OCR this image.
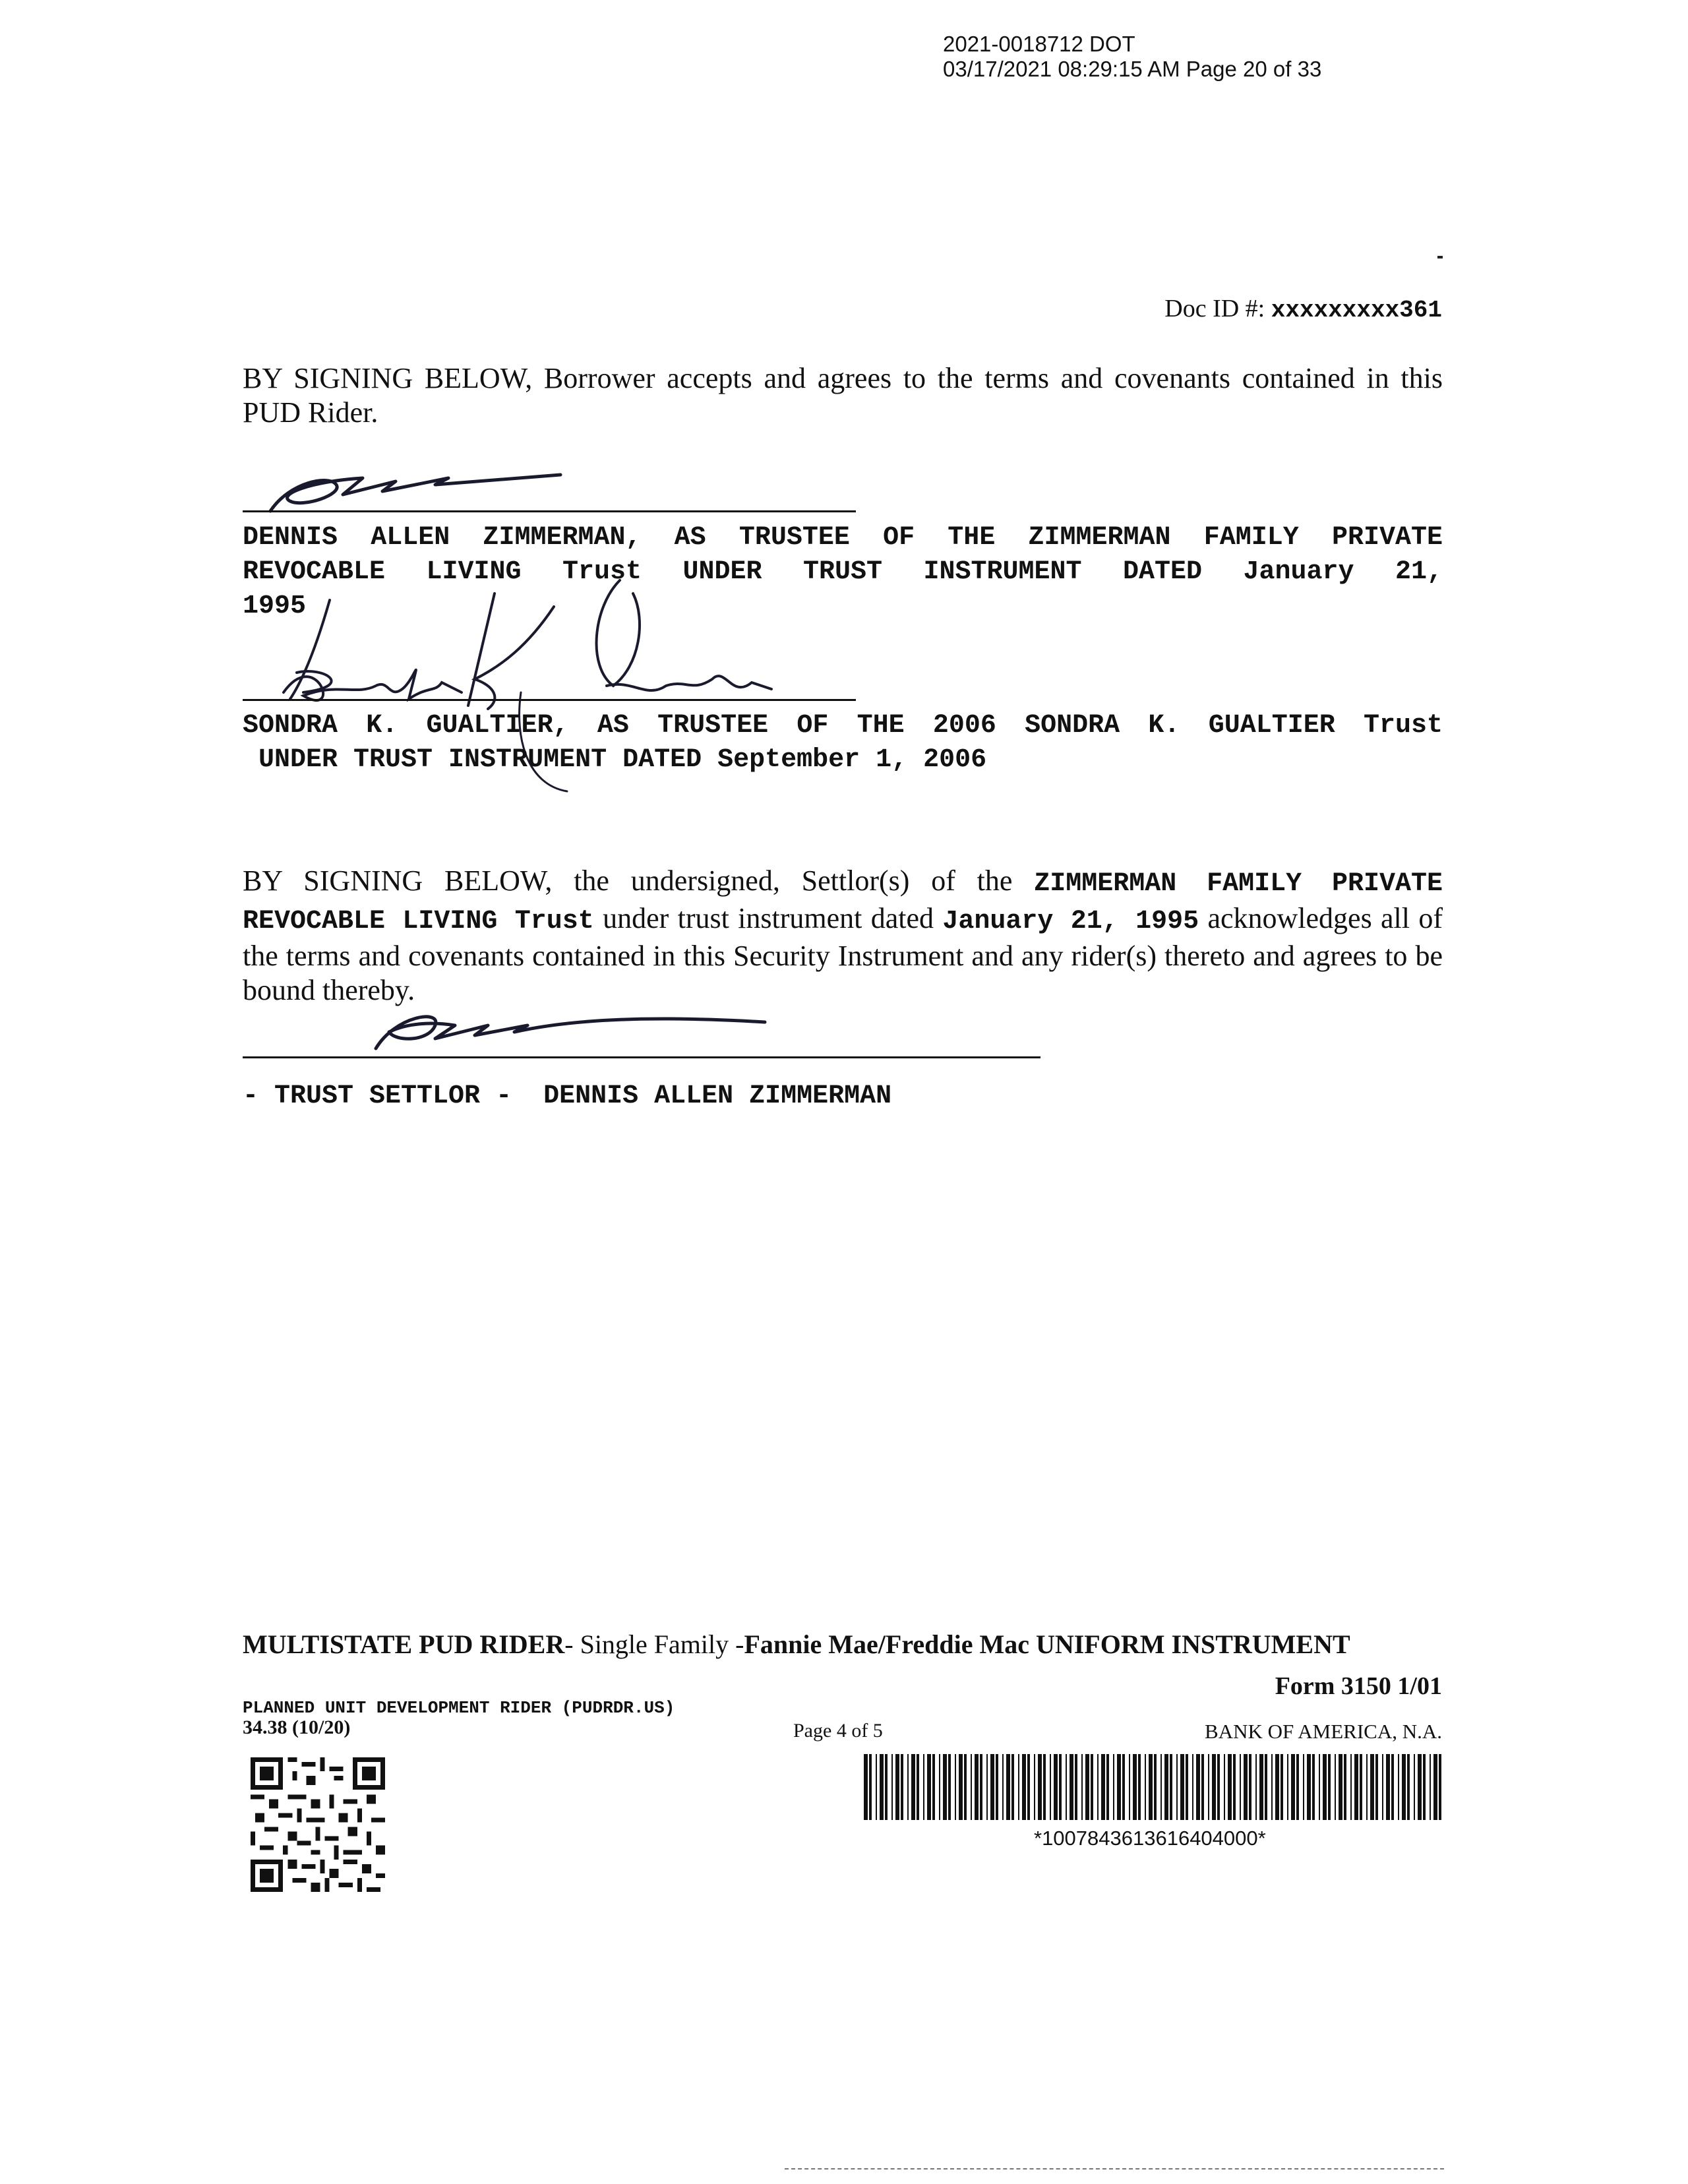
2021-0018712 DOT
03/17/2021 08:29:15 AM Page 20 of 33
Doc ID #: xxxxxxxxx361
BY SIGNING BELOW, Borrower accepts and agrees to the terms and covenants contained in this PUD Rider.
DENNIS ALLEN ZIMMERMAN, AS TRUSTEE OF THE ZIMMERMAN FAMILY PRIVATE
REVOCABLE LIVING Trust UNDER TRUST INSTRUMENT DATED January 21,
1995
SONDRA K. GUALTIER, AS TRUSTEE OF THE 2006 SONDRA K. GUALTIER Trust
UNDER TRUST INSTRUMENT DATED September 1, 2006
BY SIGNING BELOW, the undersigned, Settlor(s) of the ZIMMERMAN FAMILY PRIVATE REVOCABLE LIVING Trust under trust instrument dated January 21, 1995 acknowledges all of the terms and covenants contained in this Security Instrument and any rider(s) thereto and agrees to be bound thereby.
- TRUST SETTLOR -  DENNIS ALLEN ZIMMERMAN
MULTISTATE PUD RIDER- Single Family -Fannie Mae/Freddie Mac UNIFORM INSTRUMENT
Form 3150 1/01
PLANNED UNIT DEVELOPMENT RIDER (PUDRDR.US)
34.38 (10/20)	Page 4 of 5	BANK OF AMERICA, N.A.
*1007843613616404000*
